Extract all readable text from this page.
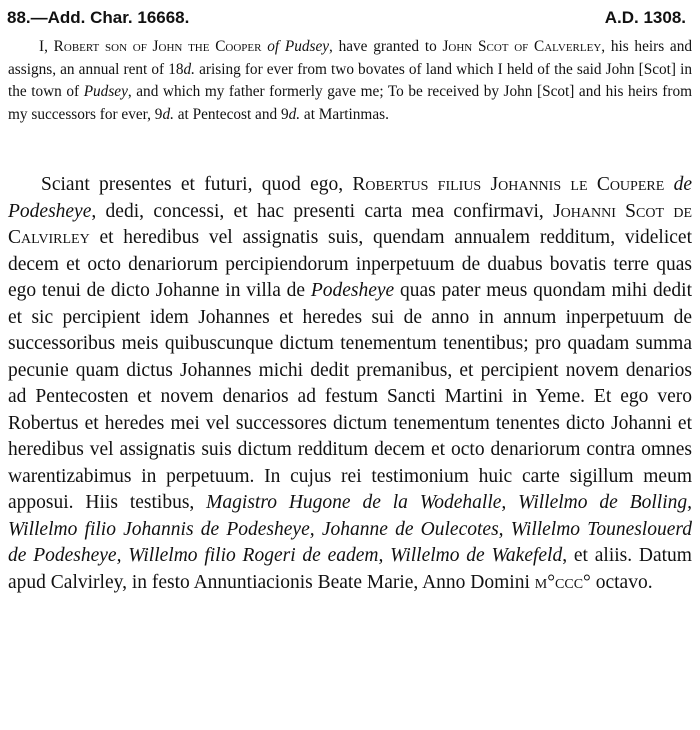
88.—Add. Char. 16668.	A.D. 1308.

I, Robert son of John the Cooper of Pudsey, have granted to John Scot of Calverley, his heirs and assigns, an annual rent of 18d. arising for ever from two bovates of land which I held of the said John [Scot] in the town of Pudsey, and which my father formerly gave me; To be received by John [Scot] and his heirs from my successors for ever, 9d. at Pentecost and 9d. at Martinmas.

Sciant presentes et futuri, quod ego, Robertus filius Johannis le Coupere de Podesheye, dedi, concessi, et hac presenti carta mea confirmavi, Johanni Scot de Calvirley et heredibus vel assignatis suis, quendam annualem redditum, videlicet decem et octo denariorum percipiendorum inperpetuum de duabus bovatis terre quas ego tenui de dicto Johanne in villa de Podesheye quas pater meus quondam mihi dedit et sic percipient idem Johannes et heredes sui de anno in annum inperpetuum de successoribus meis quibuscunque dictum tenementum tenentibus; pro quadam summa pecunie quam dictus Johannes michi dedit premanibus, et percipient novem denarios ad Pentecosten et novem denarios ad festum Sancti Martini in Yeme. Et ego vero Robertus et heredes mei vel successores dictum tenementum tenentes dicto Johanni et heredibus vel assignatis suis dictum redditum decem et octo denariorum contra omnes warentizabimus in perpetuum. In cujus rei testimonium huic carte sigillum meum apposui. Hiis testibus, Magistro Hugone de la Wodehalle, Willelmo de Bolling, Willelmo filio Johannis de Podesheye, Johanne de Oulecotes, Willelmo Touneslouerd de Podesheye, Willelmo filio Rogeri de eadem, Willelmo de Wakefeld, et aliis. Datum apud Calvirley, in festo Annuntiacionis Beate Marie, Anno Domini m°ccc° octavo.
